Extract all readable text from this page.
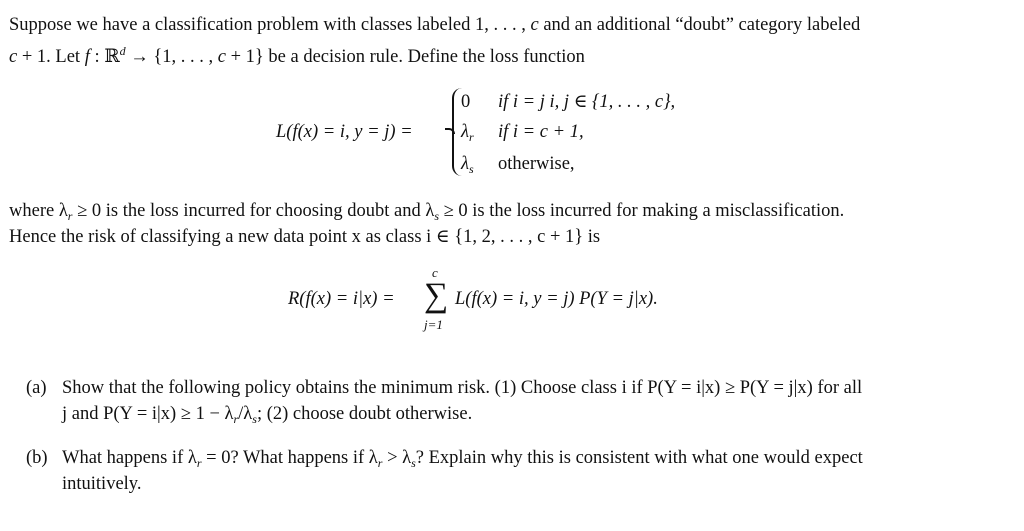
Suppose we have a classification problem with classes labeled 1, . . . , c and an additional “doubt” category labeled
c + 1. Let f : ℝ$^d$ → {1, . . . , c + 1} be a decision rule. Define the loss function
L(f(x) = i, y = j) =
0 if i = j i, j ∈ {1, . . . , c},
$\lambda_r$ if i = c + 1,
$\lambda_s$ otherwise,
where $\lambda_r \ge 0$ is the loss incurred for choosing doubt and $\lambda_s \ge 0$ is the loss incurred for making a misclassification.
Hence the risk of classifying a new data point x as class i ∈ {1, 2, . . . , c + 1} is
R(f(x) = i|x) =
c
∑
j=1
L(f(x) = i, y = j) P(Y = j|x).
(a) Show that the following policy obtains the minimum risk. (1) Choose class i if P(Y = i|x) ≥ P(Y = j|x) for all
j and $P(Y = i|x) \ge 1 - \lambda_r/\lambda_s$; (2) choose doubt otherwise.
(b) What happens if $\lambda_r = 0$? What happens if $\lambda_r > \lambda_s$? Explain why this is consistent with what one would expect
intuitively.
